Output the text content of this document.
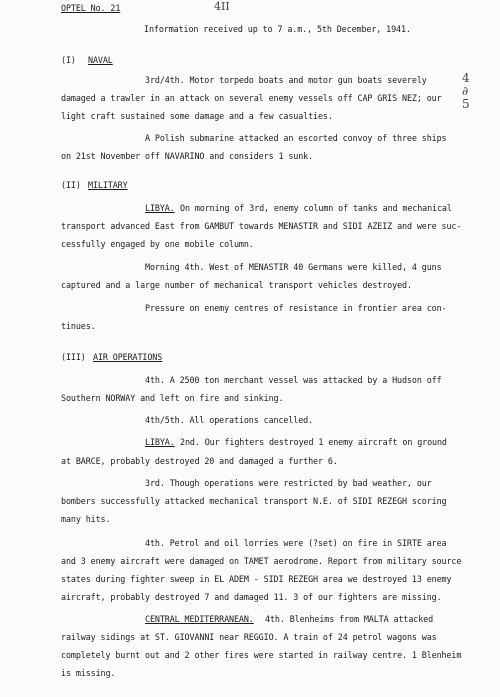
OPTEL No. 21	4II
Information received up to 7 a.m., 5th December, 1941.
4 ∂ 5
(I) NAVAL
3rd/4th. Motor torpedo boats and motor gun boats severely
damaged a trawler in an attack on several enemy vessels off CAP GRIS NEZ; our
light craft sustained some damage and a few casualties.
A Polish submarine attacked an escorted convoy of three ships
on 21st November off NAVARINO and considers 1 sunk.
(II) MILITARY
LIBYA. On morning of 3rd, enemy column of tanks and mechanical
transport advanced East from GAMBUT towards MENASTIR and SIDI AZEIZ and were suc-
cessfully engaged by one mobile column.
Morning 4th. West of MENASTIR 40 Germans were killed, 4 guns
captured and a large number of mechanical transport vehicles destroyed.
Pressure on enemy centres of resistance in frontier area con-
tinues.
(III) AIR OPERATIONS
4th. A 2500 ton merchant vessel was attacked by a Hudson off
Southern NORWAY and left on fire and sinking.
4th/5th. All operations cancelled.
LIBYA. 2nd. Our fighters destroyed 1 enemy aircraft on ground
at BARCE, probably destroyed 20 and damaged a further 6.
3rd. Though operations were restricted by bad weather, our
bombers successfully attacked mechanical transport N.E. of SIDI REZEGH scoring
many hits.
4th. Petrol and oil lorries were (?set) on fire in SIRTE area
and 3 enemy aircraft were damaged on TAMET aerodrome. Report from military source
states during fighter sweep in EL ADEM - SIDI REZEGH area we destroyed 13 enemy
aircraft, probably destroyed 7 and damaged 11. 3 of our fighters are missing.
CENTRAL MEDITERRANEAN. 4th. Blenheims from MALTA attacked
railway sidings at ST. GIOVANNI near REGGIO. A train of 24 petrol wagons was
completely burnt out and 2 other fires were started in railway centre. 1 Blenheim
is missing.
